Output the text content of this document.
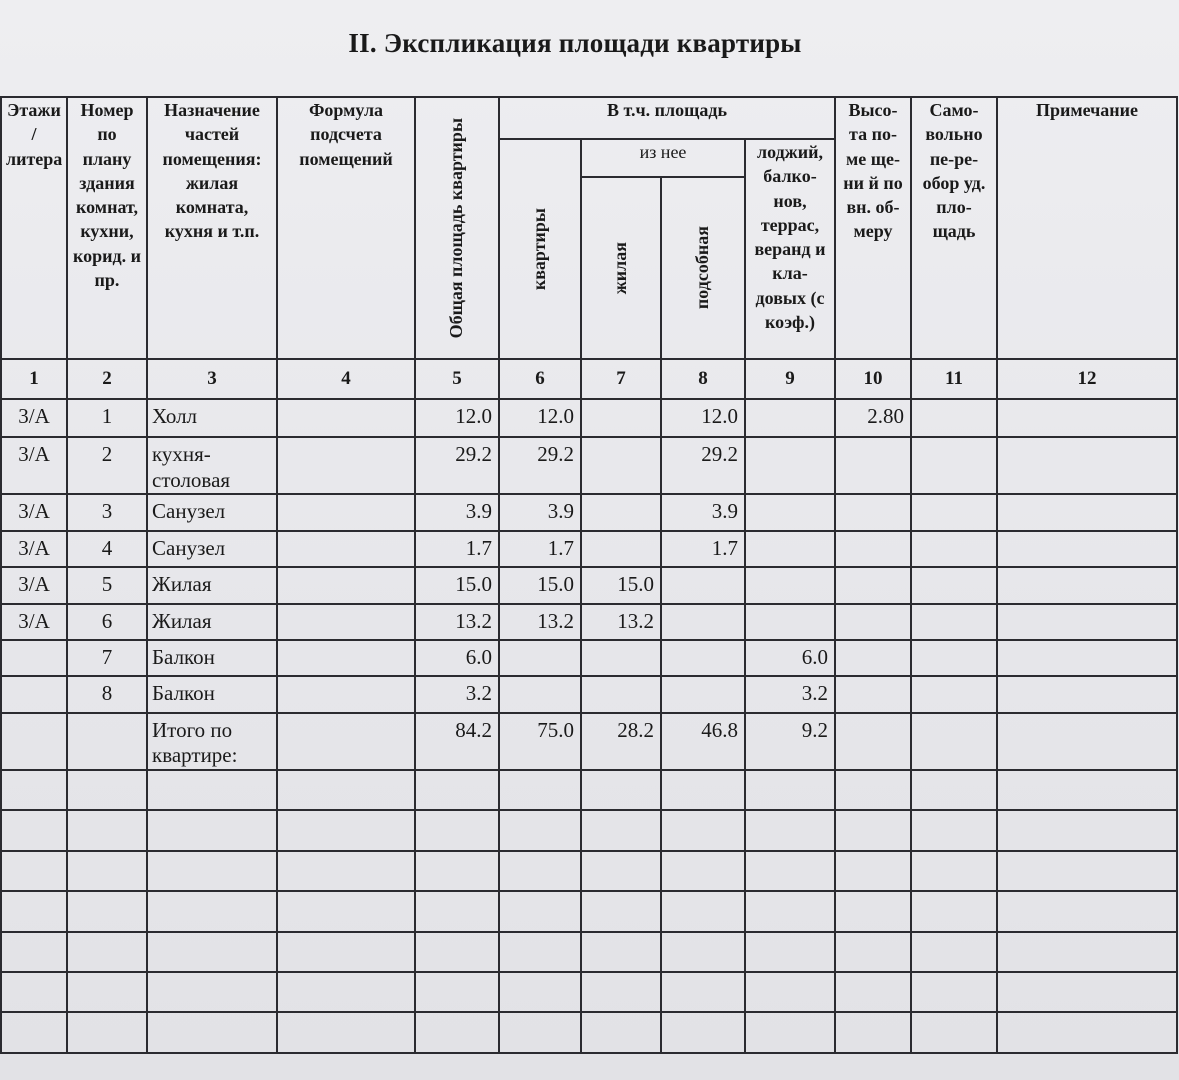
II. Экспликация площади квартиры
Этажи / литера	Номер по плану здания комнат, кухни, корид. и пр.	Назначение частей помещения: жилая комната, кухня и т.п.	Формула подсчета помещений	Общая площадь квартиры	В т.ч. площадь				Высо-та по-ме ще-ни й по вн. об-меру	Само-вольно пе-ре-обор уд. пло-щадь	Примечание

					квартиры	из нее		лоджий, балко-нов, террас, веранд и кла-довых (с коэф.)			

						жилая	подсобная				

1	2	3	4	5	6	7	8	9	10	11	12
3/А	1	Холл		12.0	12.0		12.0		2.80		
3/А	2	кухня-столовая		29.2	29.2		29.2				
3/А	3	Санузел		3.9	3.9		3.9				
3/А	4	Санузел		1.7	1.7		1.7				
3/А	5	Жилая		15.0	15.0	15.0					
3/А	6	Жилая		13.2	13.2	13.2					
	7	Балкон		6.0				6.0			
	8	Балкон		3.2				3.2			
		Итого по квартире:		84.2	75.0	28.2	46.8	9.2			
